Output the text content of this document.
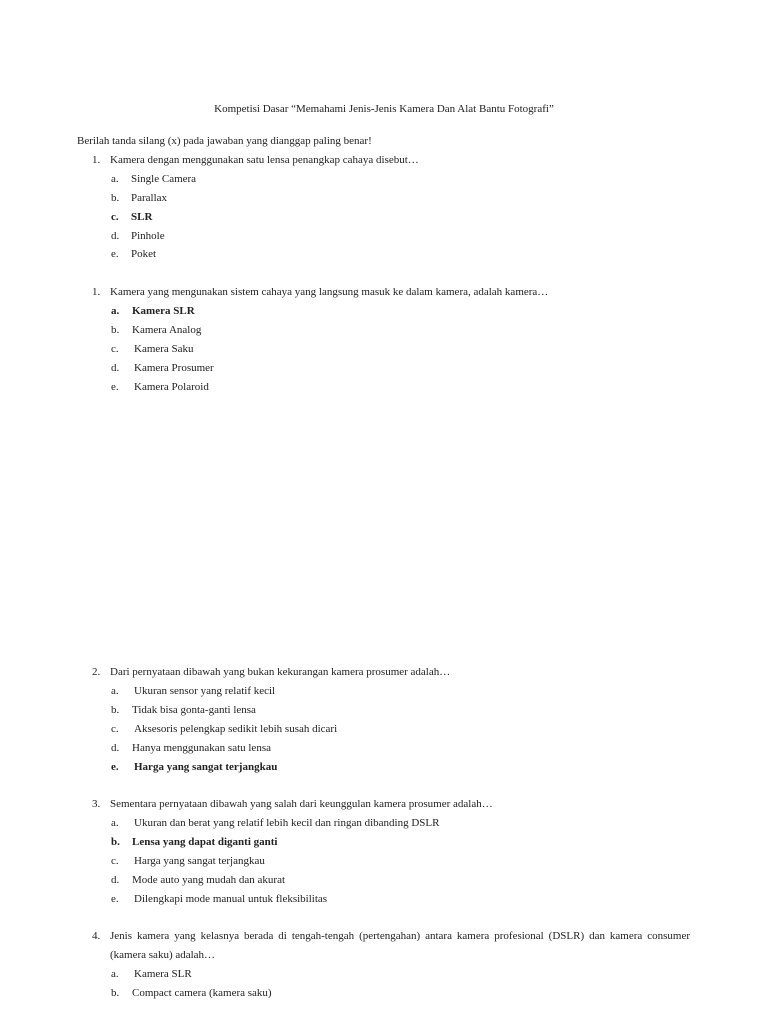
Kompetisi Dasar “Memahami Jenis-Jenis Kamera Dan Alat Bantu Fotografi”
Berilah tanda silang (x) pada jawaban yang dianggap paling benar!
1. Kamera dengan menggunakan satu lensa penangkap cahaya disebut…
a. Single Camera
b. Parallax
c. SLR
d. Pinhole
e. Poket
1. Kamera yang mengunakan sistem cahaya yang langsung masuk ke dalam kamera, adalah kamera…
a. Kamera SLR
b. Kamera Analog
c. Kamera Saku
d. Kamera Prosumer
e. Kamera Polaroid
2. Dari pernyataan dibawah yang bukan kekurangan kamera prosumer adalah…
a. Ukuran sensor yang relatif kecil
b. Tidak bisa gonta-ganti lensa
c. Aksesoris pelengkap sedikit lebih susah dicari
d. Hanya menggunakan satu lensa
e. Harga yang sangat terjangkau
3. Sementara pernyataan dibawah yang salah dari keunggulan kamera prosumer adalah…
a. Ukuran dan berat yang relatif lebih kecil dan ringan dibanding DSLR
b. Lensa yang dapat diganti ganti
c. Harga yang sangat terjangkau
d. Mode auto yang mudah dan akurat
e. Dilengkapi mode manual untuk fleksibilitas
4. Jenis kamera yang kelasnya berada di tengah-tengah (pertengahan) antara kamera profesional (DSLR) dan kamera consumer
(kamera saku) adalah…
a. Kamera SLR
b. Compact camera (kamera saku)
